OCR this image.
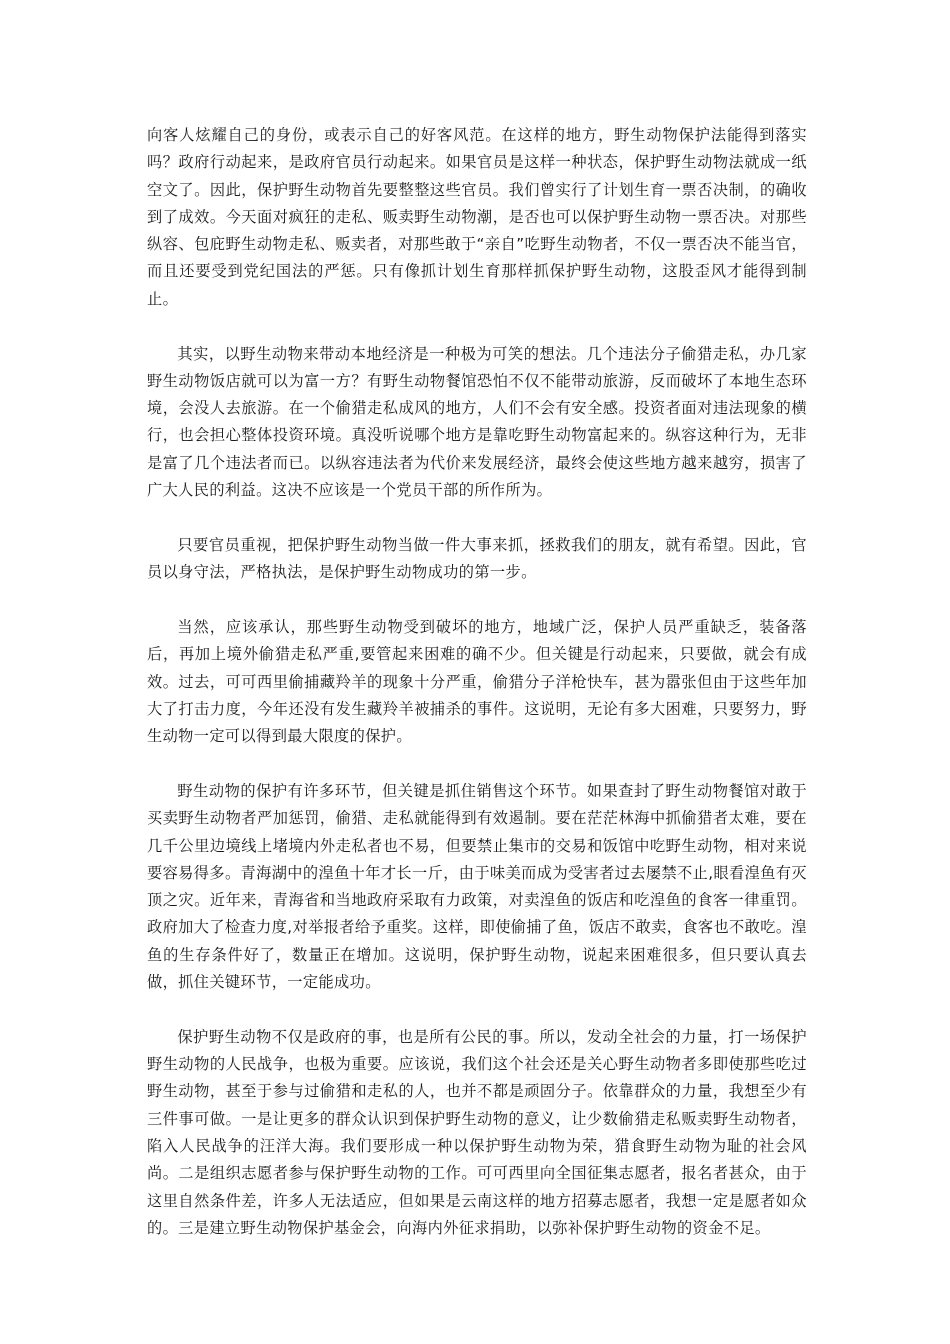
向客人炫耀自己的身份，或表示自己的好客风范。在这样的地方，野生动物保护法能得到落实吗？政府行动起来，是政府官员行动起来。如果官员是这样一种状态，保护野生动物法就成一纸空文了。因此，保护野生动物首先要整整这些官员。我们曾实行了计划生育一票否决制，的确收到了成效。今天面对疯狂的走私、贩卖野生动物潮，是否也可以保护野生动物一票否决。对那些纵容、包庇野生动物走私、贩卖者，对那些敢于“亲自”吃野生动物者，不仅一票否决不能当官，而且还要受到党纪国法的严惩。只有像抓计划生育那样抓保护野生动物，这股歪风才能得到制止。

其实，以野生动物来带动本地经济是一种极为可笑的想法。几个违法分子偷猎走私，办几家野生动物饭店就可以为富一方？有野生动物餐馆恐怕不仅不能带动旅游，反而破坏了本地生态环境，会没人去旅游。在一个偷猎走私成风的地方，人们不会有安全感。投资者面对违法现象的横行，也会担心整体投资环境。真没听说哪个地方是靠吃野生动物富起来的。纵容这种行为，无非是富了几个违法者而已。以纵容违法者为代价来发展经济，最终会使这些地方越来越穷，损害了广大人民的利益。这决不应该是一个党员干部的所作所为。

只要官员重视，把保护野生动物当做一件大事来抓，拯救我们的朋友，就有希望。因此，官员以身守法，严格执法，是保护野生动物成功的第一步。

当然，应该承认，那些野生动物受到破坏的地方，地域广泛，保护人员严重缺乏，装备落后，再加上境外偷猎走私严重,要管起来困难的确不少。但关键是行动起来，只要做，就会有成效。过去，可可西里偷捕藏羚羊的现象十分严重，偷猎分子洋枪快车，甚为嚣张但由于这些年加大了打击力度，今年还没有发生藏羚羊被捕杀的事件。这说明，无论有多大困难，只要努力，野生动物一定可以得到最大限度的保护。

野生动物的保护有许多环节，但关键是抓住销售这个环节。如果查封了野生动物餐馆对敢于买卖野生动物者严加惩罚，偷猎、走私就能得到有效遏制。要在茫茫林海中抓偷猎者太难，要在几千公里边境线上堵境内外走私者也不易，但要禁止集市的交易和饭馆中吃野生动物，相对来说要容易得多。青海湖中的湟鱼十年才长一斤，由于味美而成为受害者过去屡禁不止,眼看湟鱼有灭顶之灾。近年来，青海省和当地政府采取有力政策，对卖湟鱼的饭店和吃湟鱼的食客一律重罚。政府加大了检查力度,对举报者给予重奖。这样，即使偷捕了鱼，饭店不敢卖，食客也不敢吃。湟鱼的生存条件好了，数量正在增加。这说明，保护野生动物，说起来困难很多，但只要认真去做，抓住关键环节，一定能成功。

保护野生动物不仅是政府的事，也是所有公民的事。所以，发动全社会的力量，打一场保护野生动物的人民战争，也极为重要。应该说，我们这个社会还是关心野生动物者多即使那些吃过野生动物，甚至于参与过偷猎和走私的人，也并不都是顽固分子。依靠群众的力量，我想至少有三件事可做。一是让更多的群众认识到保护野生动物的意义，让少数偷猎走私贩卖野生动物者，陷入人民战争的汪洋大海。我们要形成一种以保护野生动物为荣，猎食野生动物为耻的社会风尚。二是组织志愿者参与保护野生动物的工作。可可西里向全国征集志愿者，报名者甚众，由于这里自然条件差，许多人无法适应，但如果是云南这样的地方招募志愿者，我想一定是愿者如众的。三是建立野生动物保护基金会，向海内外征求捐助，以弥补保护野生动物的资金不足。
